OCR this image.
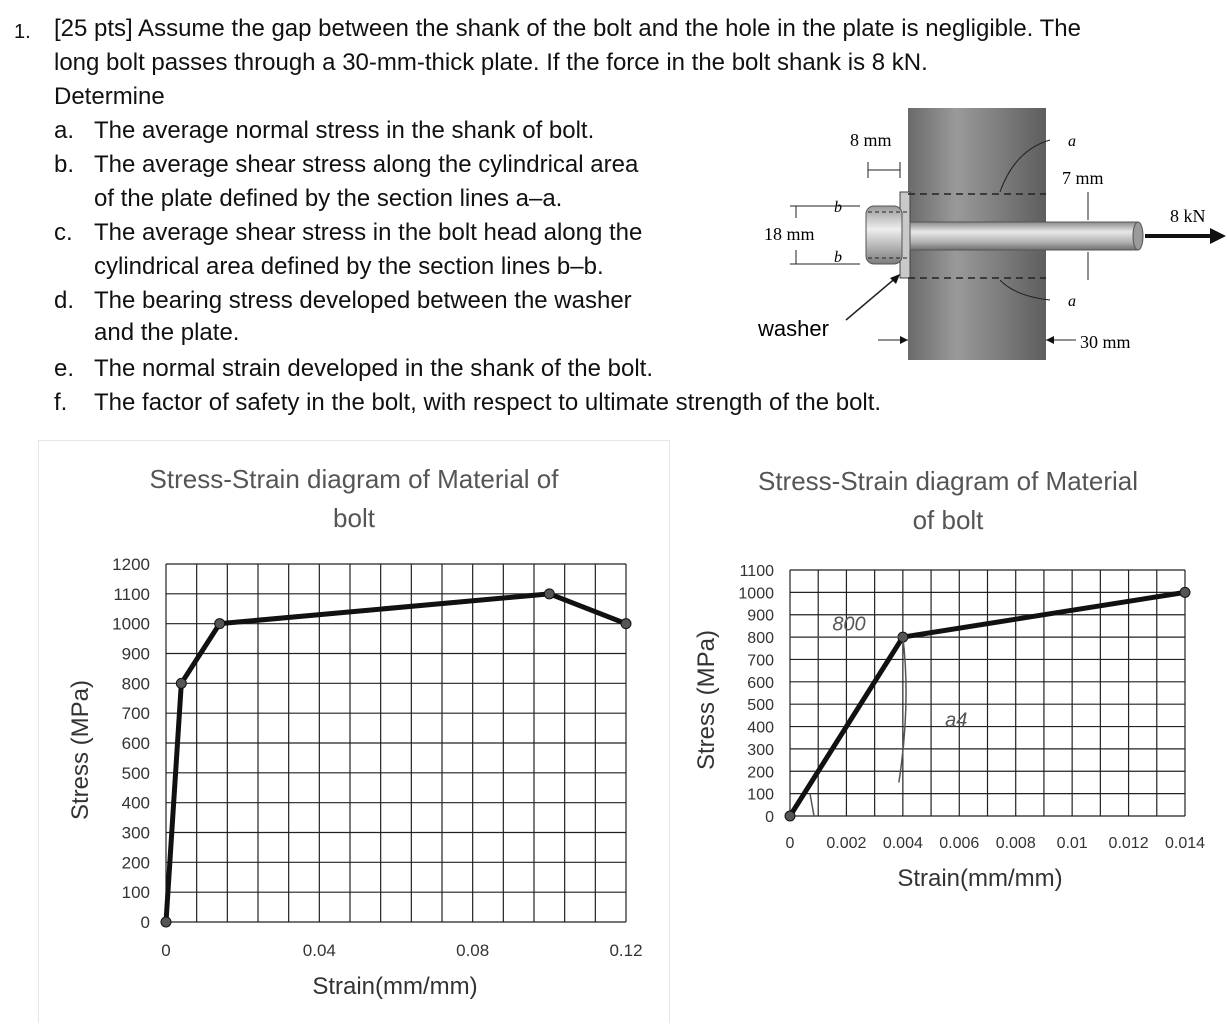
1. [25 pts] Assume the gap between the shank of the bolt and the hole in the plate is negligible. The
long bolt passes through a 30-mm-thick plate. If the force in the bolt shank is 8 kN.
Determine
a. The average normal stress in the shank of bolt.
b. The average shear stress along the cylindrical area
of the plate defined by the section lines a–a.
c. The average shear stress in the bolt head along the
cylindrical area defined by the section lines b–b.
d. The bearing stress developed between the washer
and the plate.
e. The normal strain developed in the shank of the bolt.
f. The factor of safety in the bolt, with respect to ultimate strength of the bolt.
a
a
b
b
8 mm
18 mm
7 mm
8 kN
washer
30 mm
Stress-Strain diagram of Material of
bolt
0
100
200
300
400
500
600
700
800
900
1000
1100
1200
0	0.04	0.08	0.12
Strain(mm/mm)
Stress (MPa)
Stress-Strain diagram of Material
of bolt
0
100
200
300
400
500
600
700
800
900
1000
1100
0 0.002 0.004 0.006 0.008 0.01 0.012 0.014
Strain(mm/mm)
Stress (MPa)
800
a4
